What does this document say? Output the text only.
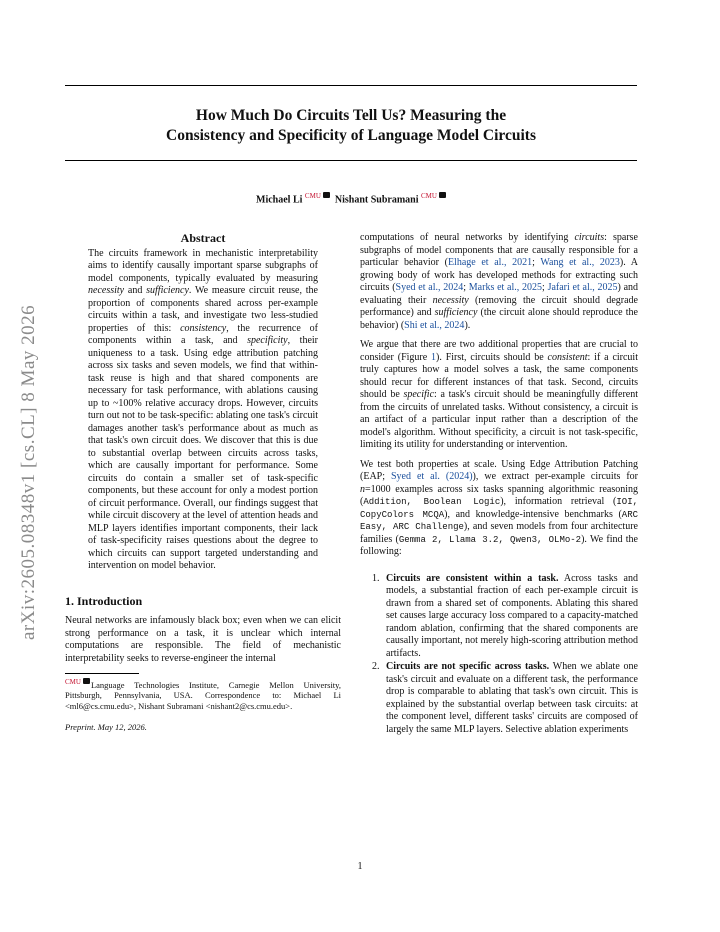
How Much Do Circuits Tell Us? Measuring the
Consistency and Specificity of Language Model Circuits
Michael Li $^{CMU}$ Nishant Subramani $^{CMU}$
arXiv:2605.08348v1 [cs.CL] 8 May 2026
Abstract

The circuits framework in mechanistic interpretability aims to identify causally important sparse subgraphs of model components, typically evaluated by measuring necessity and sufficiency. We measure circuit reuse, the proportion of components shared across per-example circuits within a task, and investigate two less-studied properties of this: consistency, the recurrence of components within a task, and specificity, their uniqueness to a task. Using edge attribution patching across six tasks and seven models, we find that within-task reuse is high and that shared components are necessary for task performance, with ablations causing up to ~100% relative accuracy drops. However, circuits turn out not to be task-specific: ablating one task's circuit damages another task's performance about as much as that task's own circuit does. We discover that this is due to substantial overlap between circuits across tasks, which are causally important for performance. Some circuits do contain a smaller set of task-specific components, but these account for only a modest portion of circuit performance. Overall, our findings suggest that while circuit discovery at the level of attention heads and MLP layers identifies important components, their lack of task-specificity raises questions about the degree to which circuits can support targeted understanding and intervention on model behavior.

1. Introduction

Neural networks are infamously black box; even when we can elicit strong performance on a task, it is unclear which internal computations are responsible. The field of mechanistic interpretability seeks to reverse-engineer the internal

$^{CMU}$ Language Technologies Institute, Carnegie Mellon University, Pittsburgh, Pennsylvania, USA. Correspondence to: Michael Li <ml6@cs.cmu.edu>, Nishant Subramani <nishant2@cs.cmu.edu>.

Preprint. May 12, 2026.

computations of neural networks by identifying circuits: sparse subgraphs of model components that are causally responsible for a particular behavior (Elhage et al., 2021; Wang et al., 2023). A growing body of work has developed methods for extracting such circuits (Syed et al., 2024; Marks et al., 2025; Jafari et al., 2025) and evaluating their necessity (removing the circuit should degrade performance) and sufficiency (the circuit alone should reproduce the behavior) (Shi et al., 2024).

We argue that there are two additional properties that are crucial to consider (Figure 1). First, circuits should be consistent: if a circuit truly captures how a model solves a task, the same components should recur for different instances of that task. Second, circuits should be specific: a task's circuit should be meaningfully different from the circuits of unrelated tasks. Without consistency, a circuit is an artifact of a particular input rather than a description of the model's algorithm. Without specificity, a circuit is not task-specific, limiting its utility for understanding or intervention.

We test both properties at scale. Using Edge Attribution Patching (EAP; Syed et al. (2024)), we extract per-example circuits for n=1000 examples across six tasks spanning algorithmic reasoning (Addition, Boolean Logic), information retrieval (IOI, CopyColors MCQA), and knowledge-intensive benchmarks (ARC Easy, ARC Challenge), and seven models from four architecture families (Gemma 2, Llama 3.2, Qwen3, OLMo-2). We find the following:

1. Circuits are consistent within a task. Across tasks and models, a substantial fraction of each per-example circuit is drawn from a shared set of components. Ablating this shared set causes large accuracy loss compared to a capacity-matched random ablation, confirming that the shared components are causally important, not merely high-scoring attribution method artifacts.

2. Circuits are not specific across tasks. When we ablate one task's circuit and evaluate on a different task, the performance drop is comparable to ablating that task's own circuit. This is explained by the substantial overlap between task circuits: at the component level, different tasks' circuits are composed of largely the same MLP layers. Selective ablation experiments

1
